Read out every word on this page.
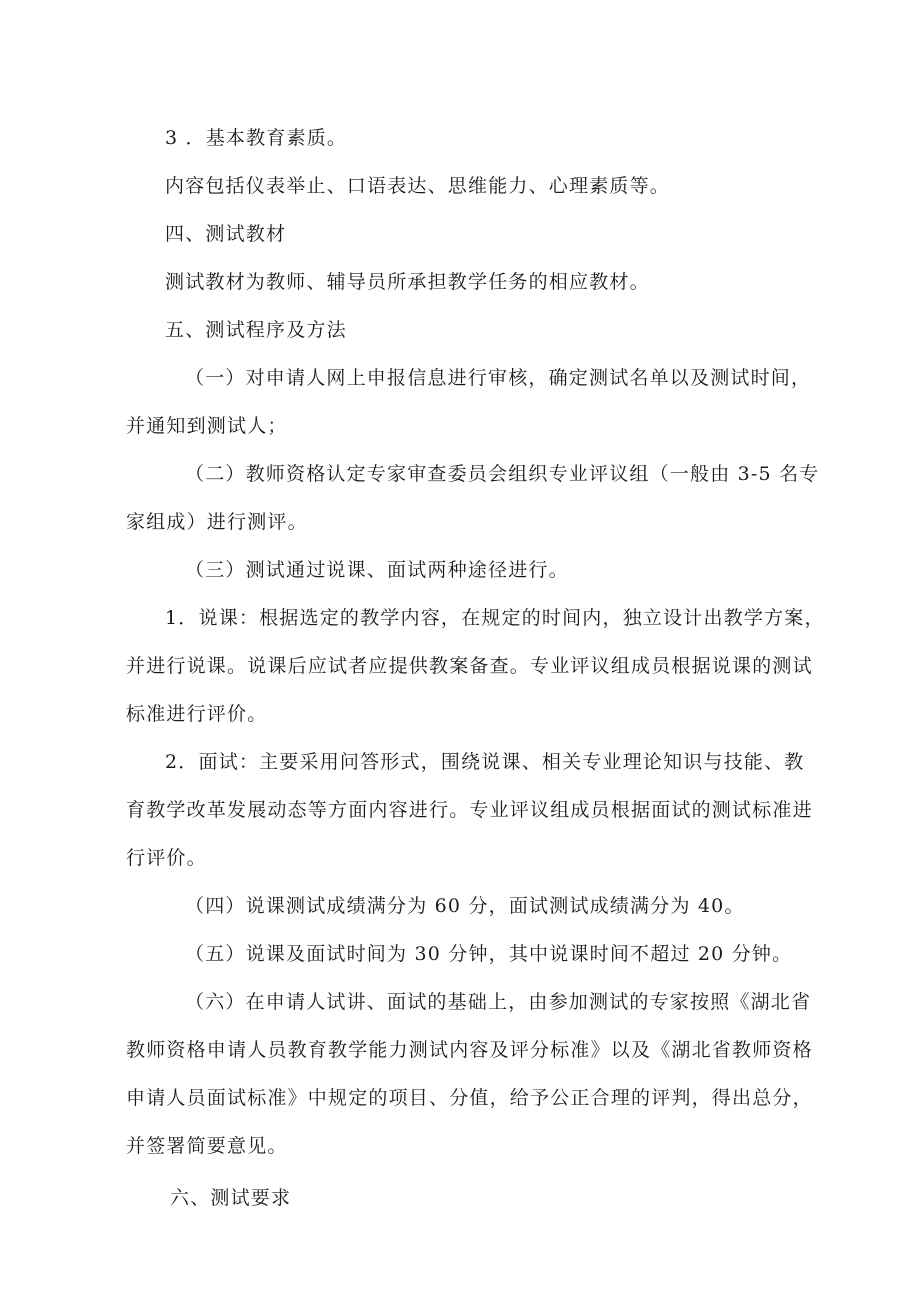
3 ．基本教育素质。
内容包括仪表举止、口语表达、思维能力、心理素质等。
四、测试教材
测试教材为教师、辅导员所承担教学任务的相应教材。
五、测试程序及方法
（一）对申请人网上申报信息进行审核，确定测试名单以及测试时间，
并通知到测试人；
（二）教师资格认定专家审查委员会组织专业评议组（一般由 3-5 名专
家组成）进行测评。
（三）测试通过说课、面试两种途径进行。
1．说课：根据选定的教学内容，在规定的时间内，独立设计出教学方案，
并进行说课。说课后应试者应提供教案备查。专业评议组成员根据说课的测试
标准进行评价。
2．面试：主要采用问答形式，围绕说课、相关专业理论知识与技能、教
育教学改革发展动态等方面内容进行。专业评议组成员根据面试的测试标准进
行评价。
（四）说课测试成绩满分为 60 分，面试测试成绩满分为 40。
（五）说课及面试时间为 30 分钟，其中说课时间不超过 20 分钟。
（六）在申请人试讲、面试的基础上，由参加测试的专家按照《湖北省
教师资格申请人员教育教学能力测试内容及评分标准》以及《湖北省教师资格
申请人员面试标准》中规定的项目、分值，给予公正合理的评判，得出总分，
并签署简要意见。
六、测试要求
